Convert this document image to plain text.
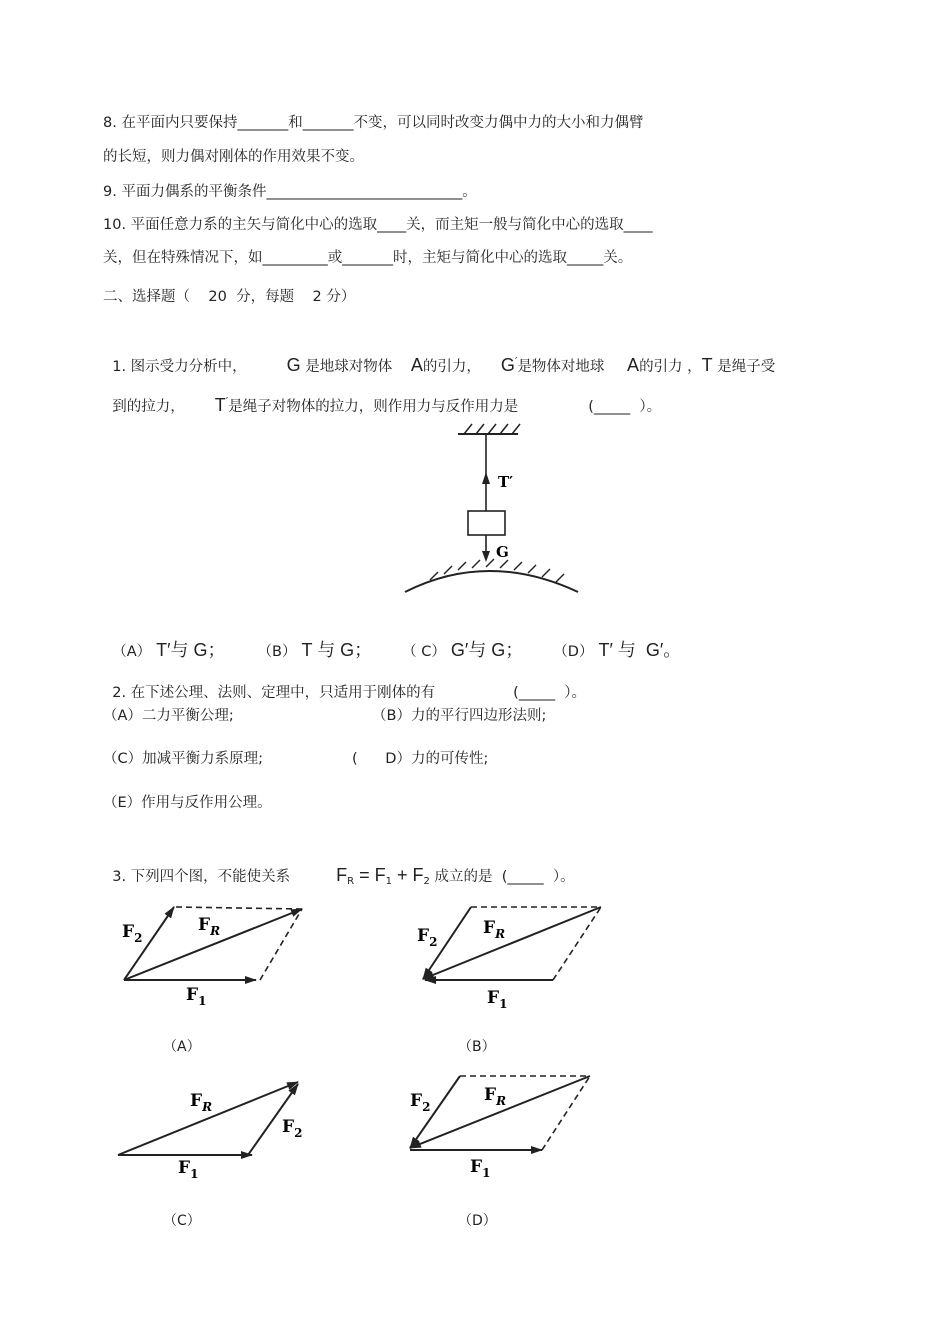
8. 在平面内只要保持_______和_______不变，可以同时改变力偶中力的大小和力偶臂
的长短，则力偶对刚体的作用效果不变。
9. 平面力偶系的平衡条件___________________________。
10. 平面任意力系的主矢与简化中心的选取____关，而主矩一般与简化中心的选取____
关，但在特殊情况下，如_________或_______时，主矩与简化中心的选取_____关。
二、选择题（    20  分，每题    2 分）

1. 图示受力分析中， G 是地球对物体 A的引力， G′是物体对地球 A的引力 ，T 是绳子受

到的拉力， T′是绳子对物体的拉力，则作用力与反作用力是	(_____  ）。

T′
G

（A） T′与 G； （B） T 与 G； （ C） G′与 G； （D） T′ 与  G′。

2. 在下述公理、法则、定理中，只适用于刚体的有	(_____  ）。

（A）二力平衡公理;	（B）力的平行四边形法则;
（C）加减平衡力系原理;	(      D）力的可传性;
（E）作用与反作用公理。

3. 下列四个图，不能使关系	$F_R = F_1 + F_2$ 成立的是  (_____  ）。

$F_2$
$F_R$
$F_1$
（A）
$F_2$
$F_R$
$F_1$
（B）
$F_R$
$F_2$
$F_1$
（C）
$F_2$
$F_R$
$F_1$
（D）
